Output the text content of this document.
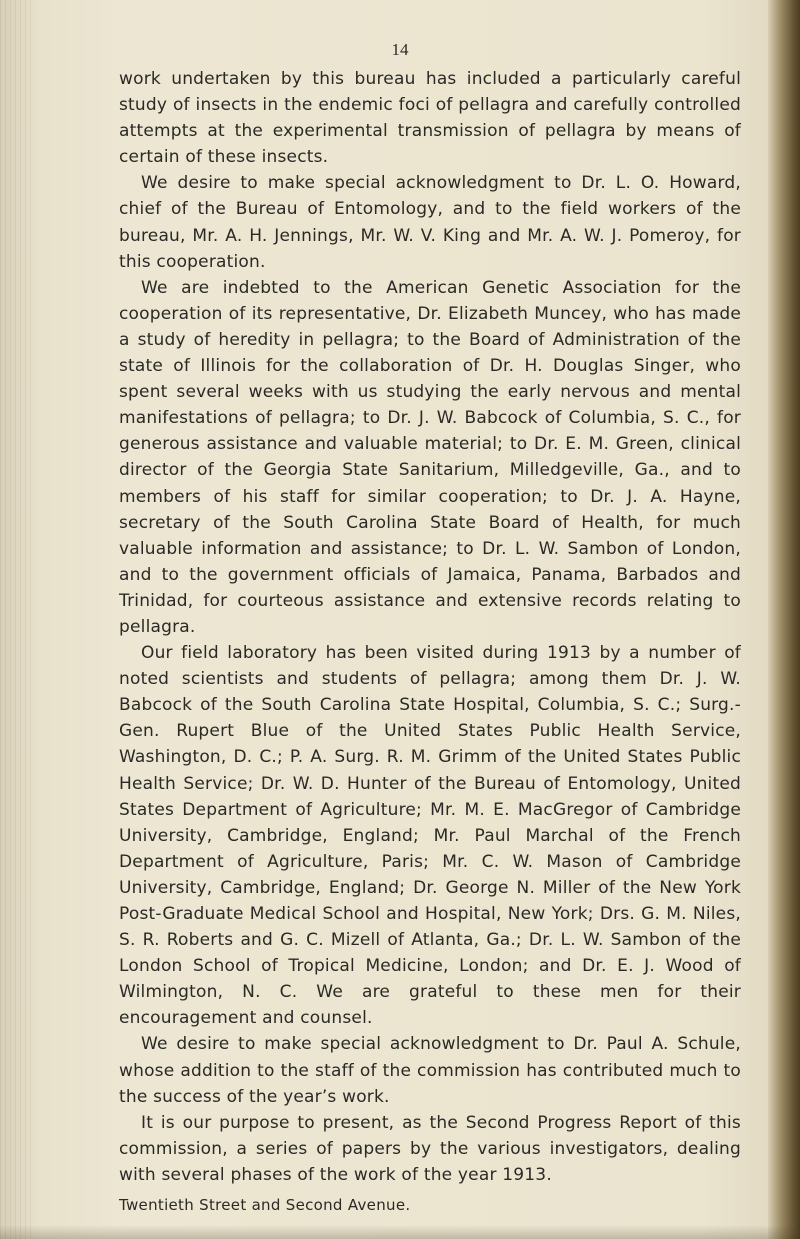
14

work undertaken by this bureau has included a particularly careful study of insects in the endemic foci of pellagra and carefully controlled attempts at the experimental transmission of pellagra by means of certain of these insects.

We desire to make special acknowledgment to Dr. L. O. Howard, chief of the Bureau of Entomology, and to the field workers of the bureau, Mr. A. H. Jennings, Mr. W. V. King and Mr. A. W. J. Pomeroy, for this cooperation.

We are indebted to the American Genetic Association for the cooperation of its representative, Dr. Elizabeth Muncey, who has made a study of heredity in pellagra; to the Board of Administration of the state of Illinois for the collaboration of Dr. H. Douglas Singer, who spent several weeks with us studying the early nervous and mental manifestations of pellagra; to Dr. J. W. Babcock of Columbia, S. C., for generous assistance and valuable material; to Dr. E. M. Green, clinical director of the Georgia State Sanitarium, Milledgeville, Ga., and to members of his staff for similar cooperation; to Dr. J. A. Hayne, secretary of the South Carolina State Board of Health, for much valuable information and assistance; to Dr. L. W. Sambon of London, and to the government officials of Jamaica, Panama, Barbados and Trinidad, for courteous assistance and extensive records relating to pellagra.

Our field laboratory has been visited during 1913 by a number of noted scientists and students of pellagra; among them Dr. J. W. Babcock of the South Carolina State Hospital, Columbia, S. C.; Surg.-Gen. Rupert Blue of the United States Public Health Service, Washington, D. C.; P. A. Surg. R. M. Grimm of the United States Public Health Service; Dr. W. D. Hunter of the Bureau of Entomology, United States Department of Agriculture; Mr. M. E. MacGregor of Cambridge University, Cambridge, England; Mr. Paul Marchal of the French Department of Agriculture, Paris; Mr. C. W. Mason of Cambridge University, Cambridge, England; Dr. George N. Miller of the New York Post-Graduate Medical School and Hospital, New York; Drs. G. M. Niles, S. R. Roberts and G. C. Mizell of Atlanta, Ga.; Dr. L. W. Sambon of the London School of Tropical Medicine, London; and Dr. E. J. Wood of Wilmington, N. C. We are grateful to these men for their encouragement and counsel.

We desire to make special acknowledgment to Dr. Paul A. Schule, whose addition to the staff of the commission has contributed much to the success of the year’s work.

It is our purpose to present, as the Second Progress Report of this commission, a series of papers by the various investigators, dealing with several phases of the work of the year 1913.

Twentieth Street and Second Avenue.
